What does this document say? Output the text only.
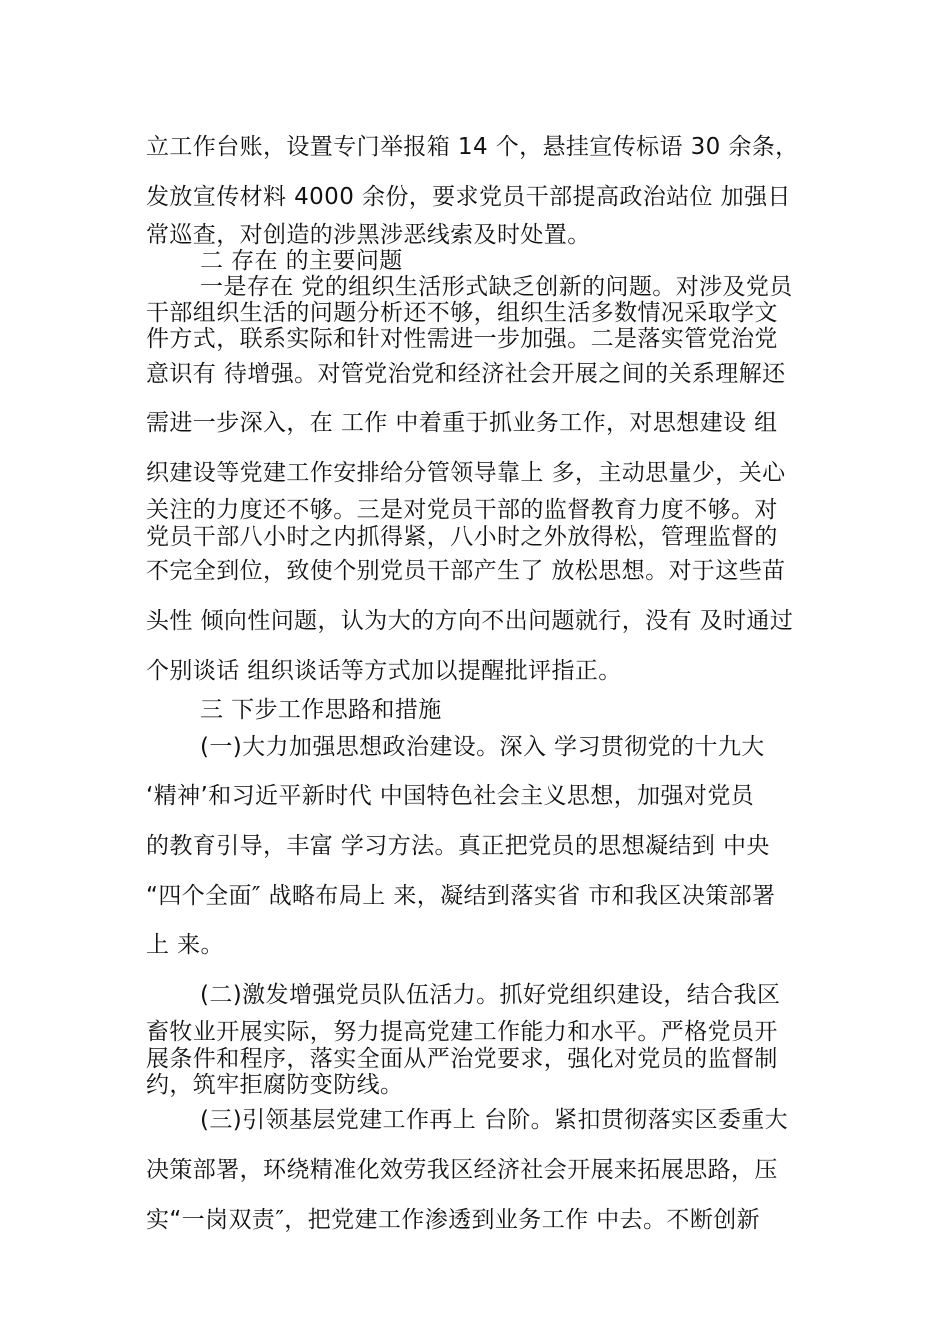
立工作台账，设置专门举报箱 14 个，悬挂宣传标语 30 余条，

发放宣传材料 4000 余份，要求党员干部提高政治站位 加强日

常巡查，对创造的涉黑涉恶线索及时处置。

二 存在 的主要问题

一是存在 党的组织生活形式缺乏创新的问题。对涉及党员

干部组织生活的问题分析还不够，组织生活多数情况采取学文

件方式，联系实际和针对性需进一步加强。二是落实管党治党

意识有 待增强。对管党治党和经济社会开展之间的关系理解还

需进一步深入，在 工作 中着重于抓业务工作，对思想建设 组

织建设等党建工作安排给分管领导靠上 多，主动思量少，关心

关注的力度还不够。三是对党员干部的监督教育力度不够。对

党员干部八小时之内抓得紧，八小时之外放得松，管理监督的

不完全到位，致使个别党员干部产生了 放松思想。对于这些苗

头性 倾向性问题，认为大的方向不出问题就行，没有 及时通过

个别谈话 组织谈话等方式加以提醒批评指正。

三 下步工作思路和措施

(一)大力加强思想政治建设。深入 学习贯彻党的十九大

‘精神’和习近平新时代 中国特色社会主义思想，加强对党员

的教育引导，丰富 学习方法。真正把党员的思想凝结到 中央

“四个全面″ 战略布局上 来，凝结到落实省 市和我区决策部署

上 来。

(二)激发增强党员队伍活力。抓好党组织建设，结合我区

畜牧业开展实际，努力提高党建工作能力和水平。严格党员开

展条件和程序，落实全面从严治党要求，强化对党员的监督制

约，筑牢拒腐防变防线。

(三)引领基层党建工作再上 台阶。紧扣贯彻落实区委重大

决策部署，环绕精准化效劳我区经济社会开展来拓展思路，压

实“一岗双责″，把党建工作渗透到业务工作 中去。不断创新
